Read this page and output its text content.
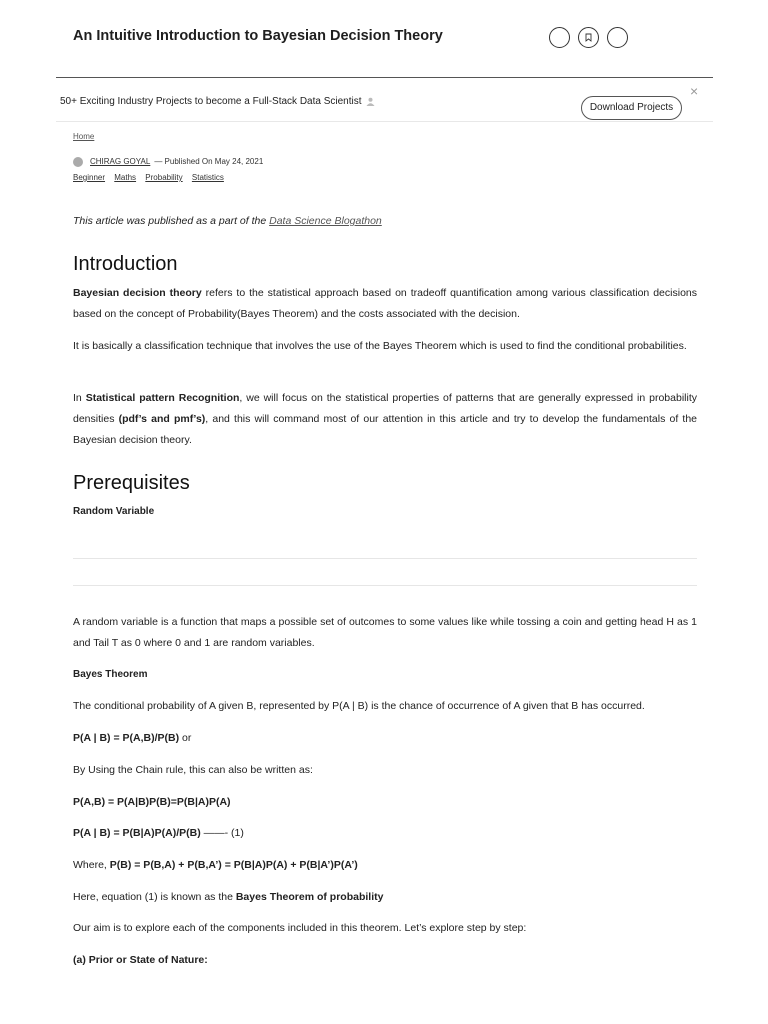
An Intuitive Introduction to Bayesian Decision Theory
50+ Exciting Industry Projects to become a Full-Stack Data Scientist
Download Projects
×
Home
CHIRAG GOYAL — Published On May 24, 2021
Beginner Maths Probability Statistics
This article was published as a part of the Data Science Blogathon
Introduction

Bayesian decision theory refers to the statistical approach based on tradeoff quantification among various classification decisions based on the concept of Probability(Bayes Theorem) and the costs associated with the decision.

It is basically a classification technique that involves the use of the Bayes Theorem which is used to find the conditional probabilities.

In Statistical pattern Recognition, we will focus on the statistical properties of patterns that are generally expressed in probability densities (pdf’s and pmf’s), and this will command most of our attention in this article and try to develop the fundamentals of the Bayesian decision theory.

Prerequisites
Random Variable

A random variable is a function that maps a possible set of outcomes to some values like while tossing a coin and getting head H as 1 and Tail T as 0 where 0 and 1 are random variables.

Bayes Theorem
The conditional probability of A given B, represented by P(A | B) is the chance of occurrence of A given that B has occurred.
P(A | B) = P(A,B)/P(B) or
By Using the Chain rule, this can also be written as:
P(A,B) = P(A|B)P(B)=P(B|A)P(A)
P(A | B) = P(B|A)P(A)/P(B) ——- (1)
Where, P(B) = P(B,A) + P(B,A’) = P(B|A)P(A) + P(B|A’)P(A’)
Here, equation (1) is known as the Bayes Theorem of probability
Our aim is to explore each of the components included in this theorem. Let’s explore step by step:
(a) Prior or State of Nature:
